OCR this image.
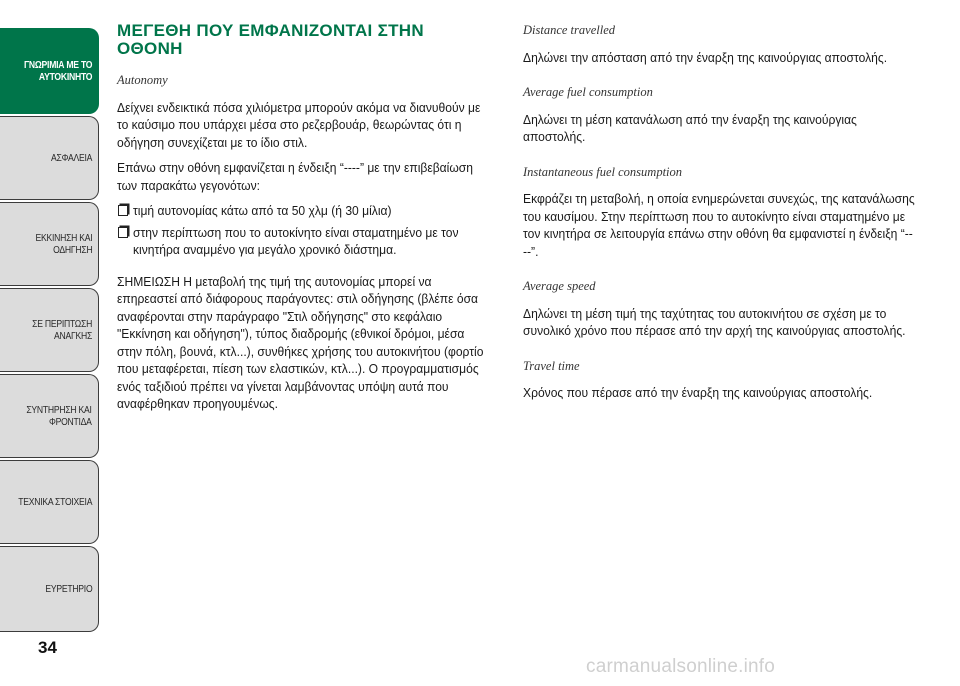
ΓΝΩΡΙΜΙΑ ΜΕ ΤΟ
ΑΥΤΟΚΙΝΗΤΟ
ΑΣΦΑΛΕΙΑ
ΕΚΚΙΝΗΣΗ ΚΑΙ
ΟΔΗΓΗΣΗ
ΣΕ ΠΕΡΙΠΤΩΣΗ
ΑΝΑΓΚΗΣ
ΣΥΝΤΗΡΗΣΗ ΚΑΙ
ΦΡΟΝΤΙΔΑ
ΤΕΧΝΙΚΑ ΣΤΟΙΧΕΙΑ
ΕΥΡΕΤΗΡΙΟ
34
ΜΕΓΕΘΗ ΠΟΥ ΕΜΦΑΝΙΖΟΝΤΑΙ ΣΤΗΝ ΟΘΟΝΗ
Autonomy

Δείχνει ενδεικτικά πόσα χιλιόμετρα μπορούν ακόμα να διανυθούν με το καύσιμο που υπάρχει μέσα στο ρεζερβουάρ, θεωρώντας ότι η οδήγηση συνεχίζεται με το ίδιο στιλ.

Επάνω στην οθόνη εμφανίζεται η ένδειξη “----” με την επιβεβαίωση των παρακάτω γεγονότων:

τιμή αυτονομίας κάτω από τα 50 χλμ (ή 30 μίλια)
στην περίπτωση που το αυτοκίνητο είναι σταματημένο με τον κινητήρα αναμμένο για μεγάλο χρονικό διάστημα.

ΣΗΜΕΙΩΣΗ Η μεταβολή της τιμή της αυτονομίας μπορεί να επηρεαστεί από διάφορους παράγοντες: στιλ οδήγησης (βλέπε όσα αναφέρονται στην παράγραφο "Στιλ οδήγησης" στο κεφάλαιο "Εκκίνηση και οδήγηση"), τύπος διαδρομής (εθνικοί δρόμοι, μέσα στην πόλη, βουνά, κτλ...), συνθήκες χρήσης του αυτοκινήτου (φορτίο που μεταφέρεται, πίεση των ελαστικών, κτλ...). Ο προγραμματισμός ενός ταξιδιού πρέπει να γίνεται λαμβάνοντας υπόψη αυτά που αναφέρθηκαν προηγουμένως.

Distance travelled

Δηλώνει την απόσταση από την έναρξη της καινούργιας αποστολής.

Average fuel consumption

Δηλώνει τη μέση κατανάλωση από την έναρξη της καινούργιας αποστολής.

Instantaneous fuel consumption

Εκφράζει τη μεταβολή, η οποία ενημερώνεται συνεχώς, της κατανάλωσης του καυσίμου. Στην περίπτωση που το αυτοκίνητο είναι σταματημένο με τον κινητήρα σε λειτουργία επάνω στην οθόνη θα εμφανιστεί η ένδειξη “----”.

Average speed

Δηλώνει τη μέση τιμή της ταχύτητας του αυτοκινήτου σε σχέση με το συνολικό χρόνο που πέρασε από την αρχή της καινούργιας αποστολής.

Travel time

Χρόνος που πέρασε από την έναρξη της καινούργιας αποστολής.

carmanualsonline.info
